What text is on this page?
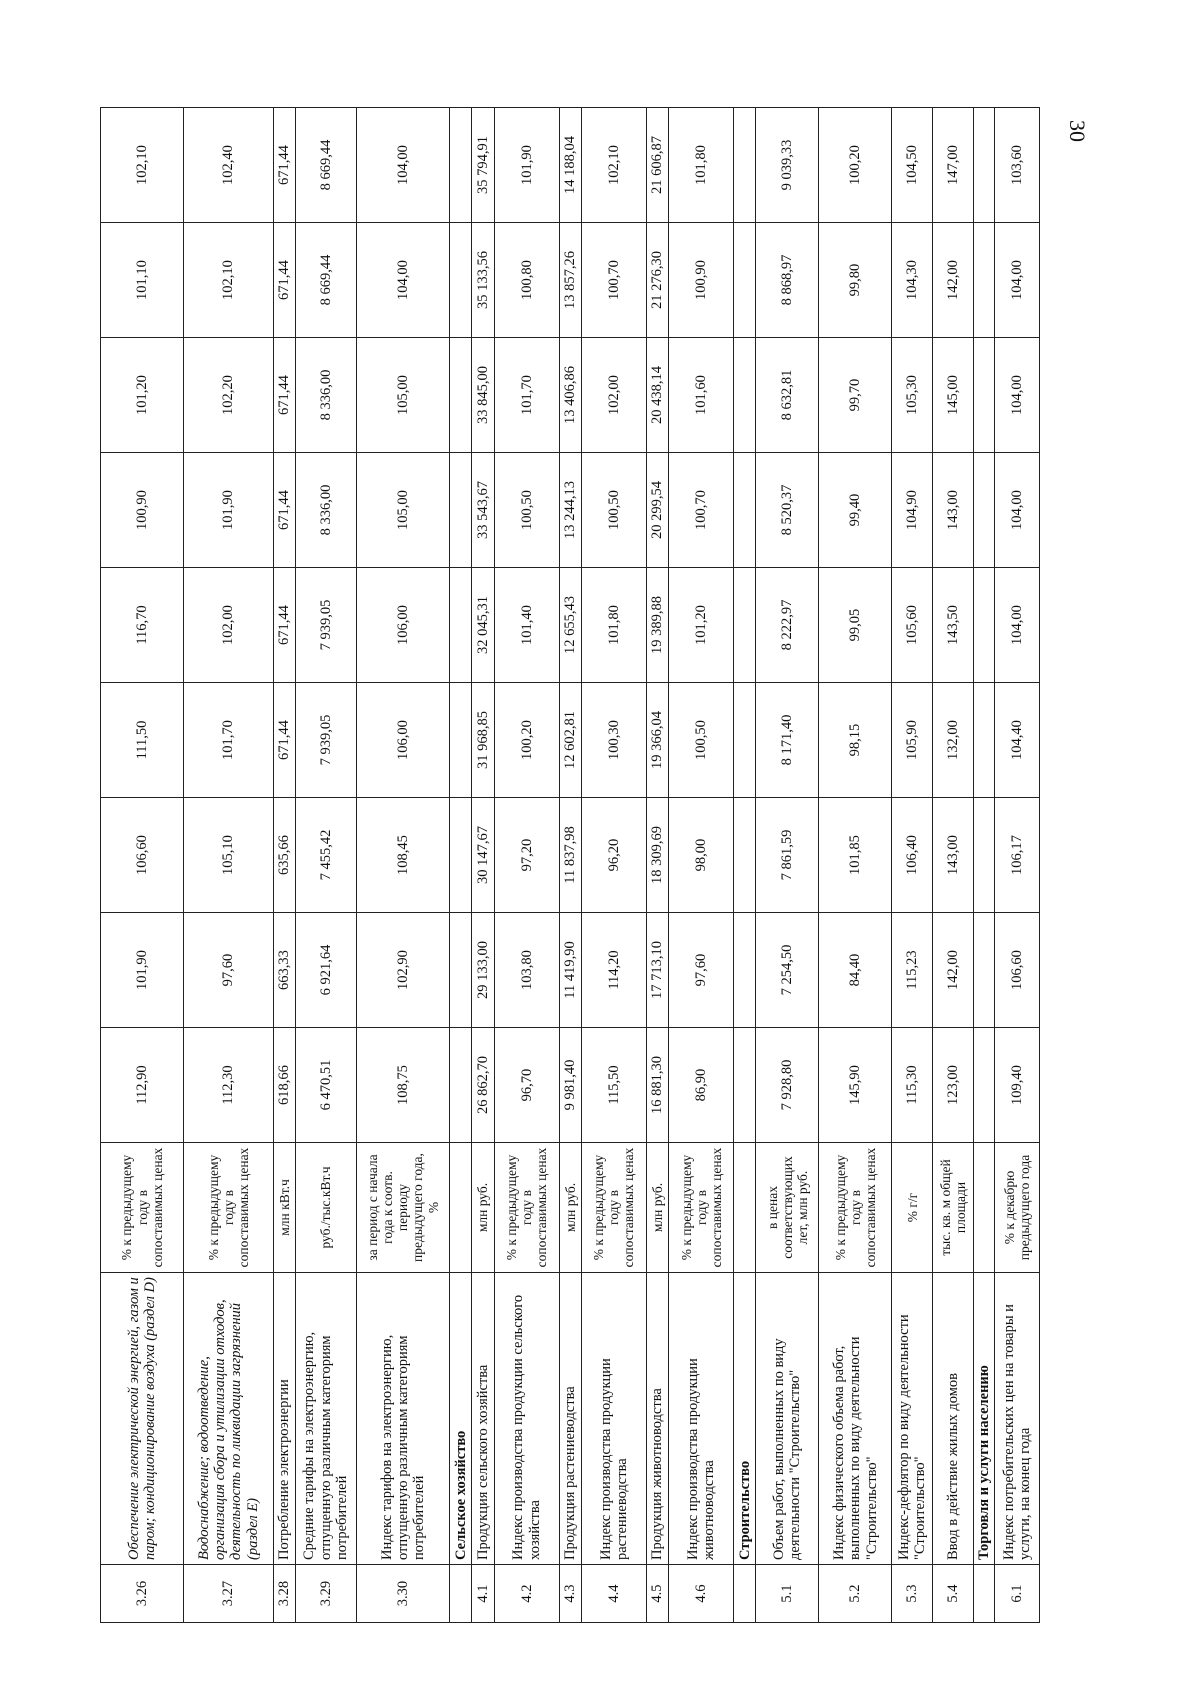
30
3.26	Обеспечение электрической энергией, газом и паром; кондиционирование воздуха (раздел D)	% к предыдущему году в сопоставимых ценах	112,90	101,90	106,60	111,50	116,70	100,90	101,20	101,10	102,10
3.27	Водоснабжение; водоотведение, организация сбора и утилизации отходов, деятельность по ликвидации загрязнений (раздел E)	% к предыдущему году в сопоставимых ценах	112,30	97,60	105,10	101,70	102,00	101,90	102,20	102,10	102,40
3.28	Потребление электроэнергии	млн кВт.ч	618,66	663,33	635,66	671,44	671,44	671,44	671,44	671,44	671,44
3.29	Средние тарифы на электроэнергию, отпущенную различным категориям потребителей	руб./тыс.кВт.ч	6 470,51	6 921,64	7 455,42	7 939,05	7 939,05	8 336,00	8 336,00	8 669,44	8 669,44
3.30	Индекс тарифов на электроэнергию, отпущенную различным категориям потребителей	за период с начала года к соотв. периоду предыдущего года, %	108,75	102,90	108,45	106,00	106,00	105,00	105,00	104,00	104,00
	Сельское хозяйство										
4.1	Продукция сельского хозяйства	млн руб.	26 862,70	29 133,00	30 147,67	31 968,85	32 045,31	33 543,67	33 845,00	35 133,56	35 794,91
4.2	Индекс производства продукции сельского хозяйства	% к предыдущему году в сопоставимых ценах	96,70	103,80	97,20	100,20	101,40	100,50	101,70	100,80	101,90
4.3	Продукция растениеводства	млн руб.	9 981,40	11 419,90	11 837,98	12 602,81	12 655,43	13 244,13	13 406,86	13 857,26	14 188,04
4.4	Индекс производства продукции растениеводства	% к предыдущему году в сопоставимых ценах	115,50	114,20	96,20	100,30	101,80	100,50	102,00	100,70	102,10
4.5	Продукция животноводства	млн руб.	16 881,30	17 713,10	18 309,69	19 366,04	19 389,88	20 299,54	20 438,14	21 276,30	21 606,87
4.6	Индекс производства продукции животноводства	% к предыдущему году в сопоставимых ценах	86,90	97,60	98,00	100,50	101,20	100,70	101,60	100,90	101,80
	Строительство										
5.1	Объем работ, выполненных по виду деятельности "Строительство"	в ценах соответствующих лет, млн руб.	7 928,80	7 254,50	7 861,59	8 171,40	8 222,97	8 520,37	8 632,81	8 868,97	9 039,33
5.2	Индекс физического объема работ, выполненных по виду деятельности "Строительство"	% к предыдущему году в сопоставимых ценах	145,90	84,40	101,85	98,15	99,05	99,40	99,70	99,80	100,20
5.3	Индекс-дефлятор по виду деятельности "Строительство"	% г/г	115,30	115,23	106,40	105,90	105,60	104,90	105,30	104,30	104,50
5.4	Ввод в действие жилых домов	тыс. кв. м общей площади	123,00	142,00	143,00	132,00	143,50	143,00	145,00	142,00	147,00
	Торговля и услуги населению										
6.1	Индекс потребительских цен на товары и услуги, на конец года	% к декабрю предыдущего года	109,40	106,60	106,17	104,40	104,00	104,00	104,00	104,00	103,60
